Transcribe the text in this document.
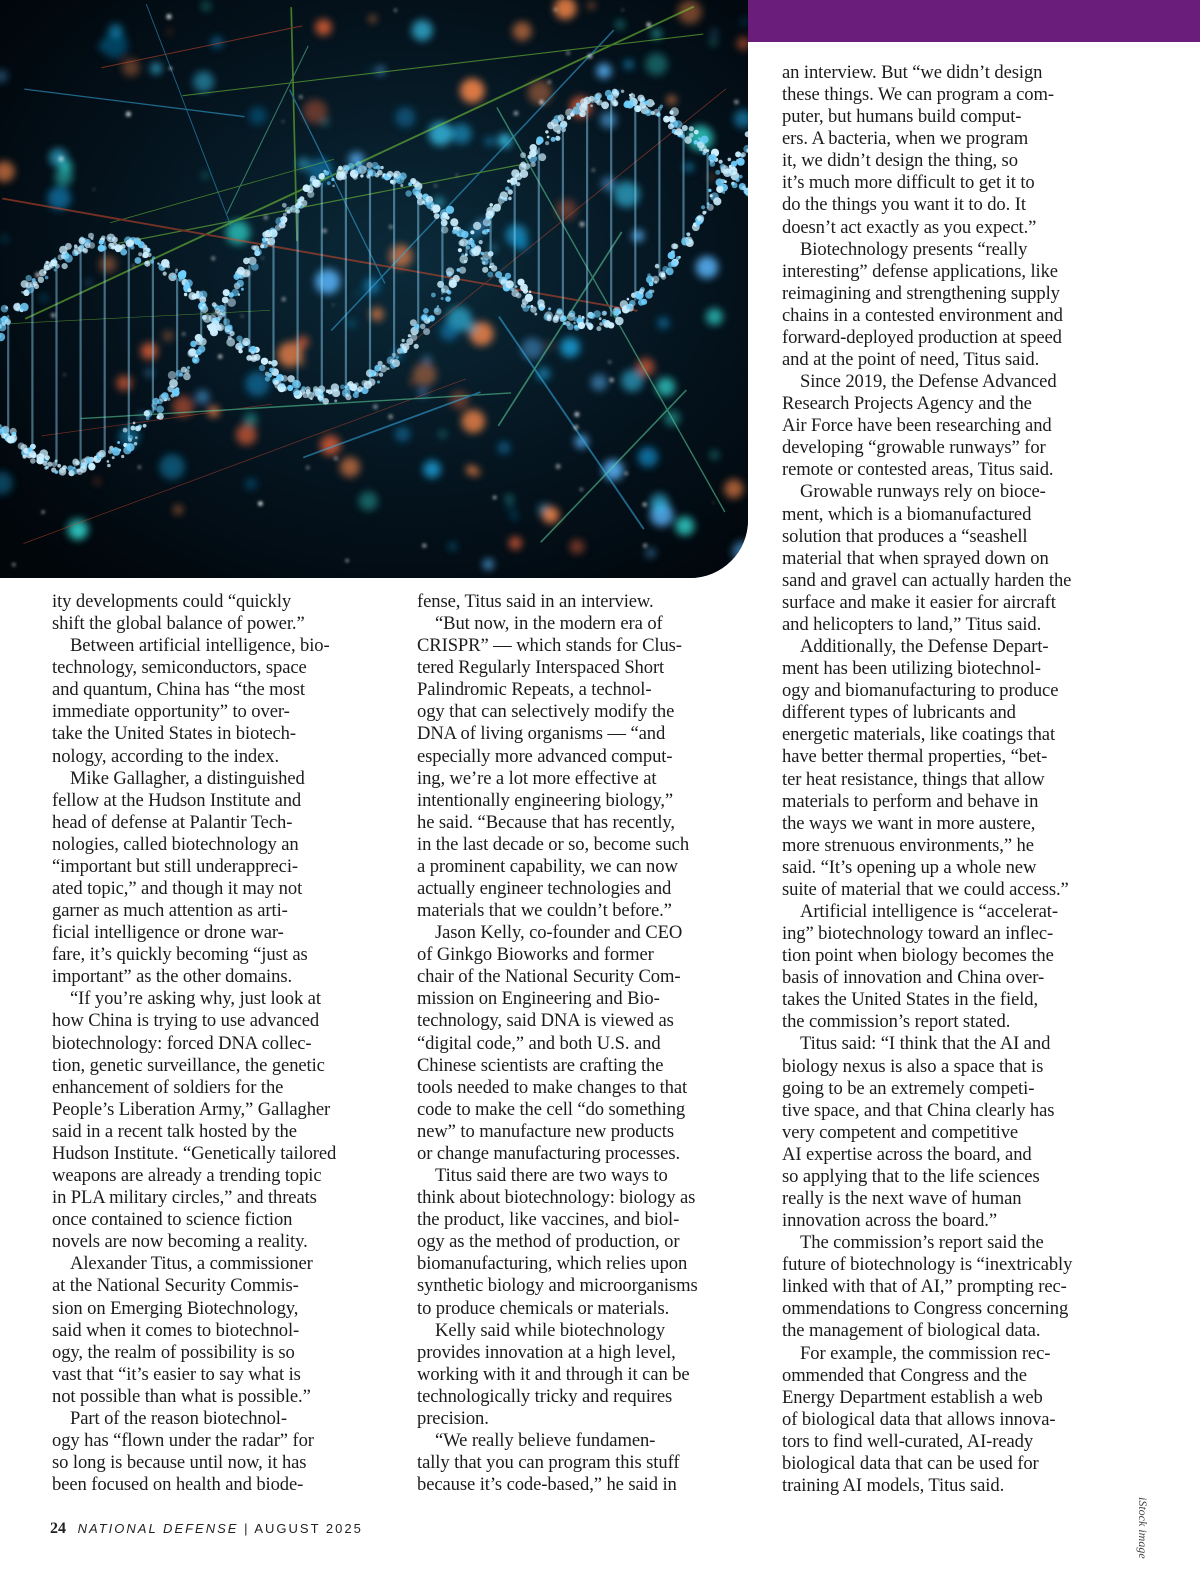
ity developments could “quickly
shift the global balance of power.”

Between artificial intelligence, bio-
technology, semiconductors, space
and quantum, China has “the most
immediate opportunity” to over-
take the United States in biotech-
nology, according to the index.

Mike Gallagher, a distinguished
fellow at the Hudson Institute and
head of defense at Palantir Tech-
nologies, called biotechnology an
“important but still underappreci-
ated topic,” and though it may not
garner as much attention as arti-
ficial intelligence or drone war-
fare, it’s quickly becoming “just as
important” as the other domains.

“If you’re asking why, just look at
how China is trying to use advanced
biotechnology: forced DNA collec-
tion, genetic surveillance, the genetic
enhancement of soldiers for the
People’s Liberation Army,” Gallagher
said in a recent talk hosted by the
Hudson Institute. “Genetically tailored
weapons are already a trending topic
in PLA military circles,” and threats
once contained to science fiction
novels are now becoming a reality.

Alexander Titus, a commissioner
at the National Security Commis-
sion on Emerging Biotechnology,
said when it comes to biotechnol-
ogy, the realm of possibility is so
vast that “it’s easier to say what is
not possible than what is possible.”

Part of the reason biotechnol-
ogy has “flown under the radar” for
so long is because until now, it has
been focused on health and biode-

fense, Titus said in an interview.

“But now, in the modern era of
CRISPR” — which stands for Clus-
tered Regularly Interspaced Short
Palindromic Repeats, a technol-
ogy that can selectively modify the
DNA of living organisms — “and
especially more advanced comput-
ing, we’re a lot more effective at
intentionally engineering biology,”
he said. “Because that has recently,
in the last decade or so, become such
a prominent capability, we can now
actually engineer technologies and
materials that we couldn’t before.”

Jason Kelly, co-founder and CEO
of Ginkgo Bioworks and former
chair of the National Security Com-
mission on Engineering and Bio-
technology, said DNA is viewed as
“digital code,” and both U.S. and
Chinese scientists are crafting the
tools needed to make changes to that
code to make the cell “do something
new” to manufacture new products
or change manufacturing processes.

Titus said there are two ways to
think about biotechnology: biology as
the product, like vaccines, and biol-
ogy as the method of production, or
biomanufacturing, which relies upon
synthetic biology and microorganisms
to produce chemicals or materials.

Kelly said while biotechnology
provides innovation at a high level,
working with it and through it can be
technologically tricky and requires
precision.

“We really believe fundamen-
tally that you can program this stuff
because it’s code-based,” he said in

an interview. But “we didn’t design
these things. We can program a com-
puter, but humans build comput-
ers. A bacteria, when we program
it, we didn’t design the thing, so
it’s much more difficult to get it to
do the things you want it to do. It
doesn’t act exactly as you expect.”

Biotechnology presents “really
interesting” defense applications, like
reimagining and strengthening supply
chains in a contested environment and
forward-deployed production at speed
and at the point of need, Titus said.

Since 2019, the Defense Advanced
Research Projects Agency and the
Air Force have been researching and
developing “growable runways” for
remote or contested areas, Titus said.

Growable runways rely on bioce-
ment, which is a biomanufactured
solution that produces a “seashell
material that when sprayed down on
sand and gravel can actually harden the
surface and make it easier for aircraft
and helicopters to land,” Titus said.

Additionally, the Defense Depart-
ment has been utilizing biotechnol-
ogy and biomanufacturing to produce
different types of lubricants and
energetic materials, like coatings that
have better thermal properties, “bet-
ter heat resistance, things that allow
materials to perform and behave in
the ways we want in more austere,
more strenuous environments,” he
said. “It’s opening up a whole new
suite of material that we could access.”

Artificial intelligence is “accelerat-
ing” biotechnology toward an inflec-
tion point when biology becomes the
basis of innovation and China over-
takes the United States in the field,
the commission’s report stated.

Titus said: “I think that the AI and
biology nexus is also a space that is
going to be an extremely competi-
tive space, and that China clearly has
very competent and competitive
AI expertise across the board, and
so applying that to the life sciences
really is the next wave of human
innovation across the board.”

The commission’s report said the
future of biotechnology is “inextricably
linked with that of AI,” prompting rec-
ommendations to Congress concerning
the management of biological data.

For example, the commission rec-
ommended that Congress and the
Energy Department establish a web
of biological data that allows innova-
tors to find well-curated, AI-ready
biological data that can be used for
training AI models, Titus said.

24 NATIONAL DEFENSE | AUGUST 2025	iStock image
